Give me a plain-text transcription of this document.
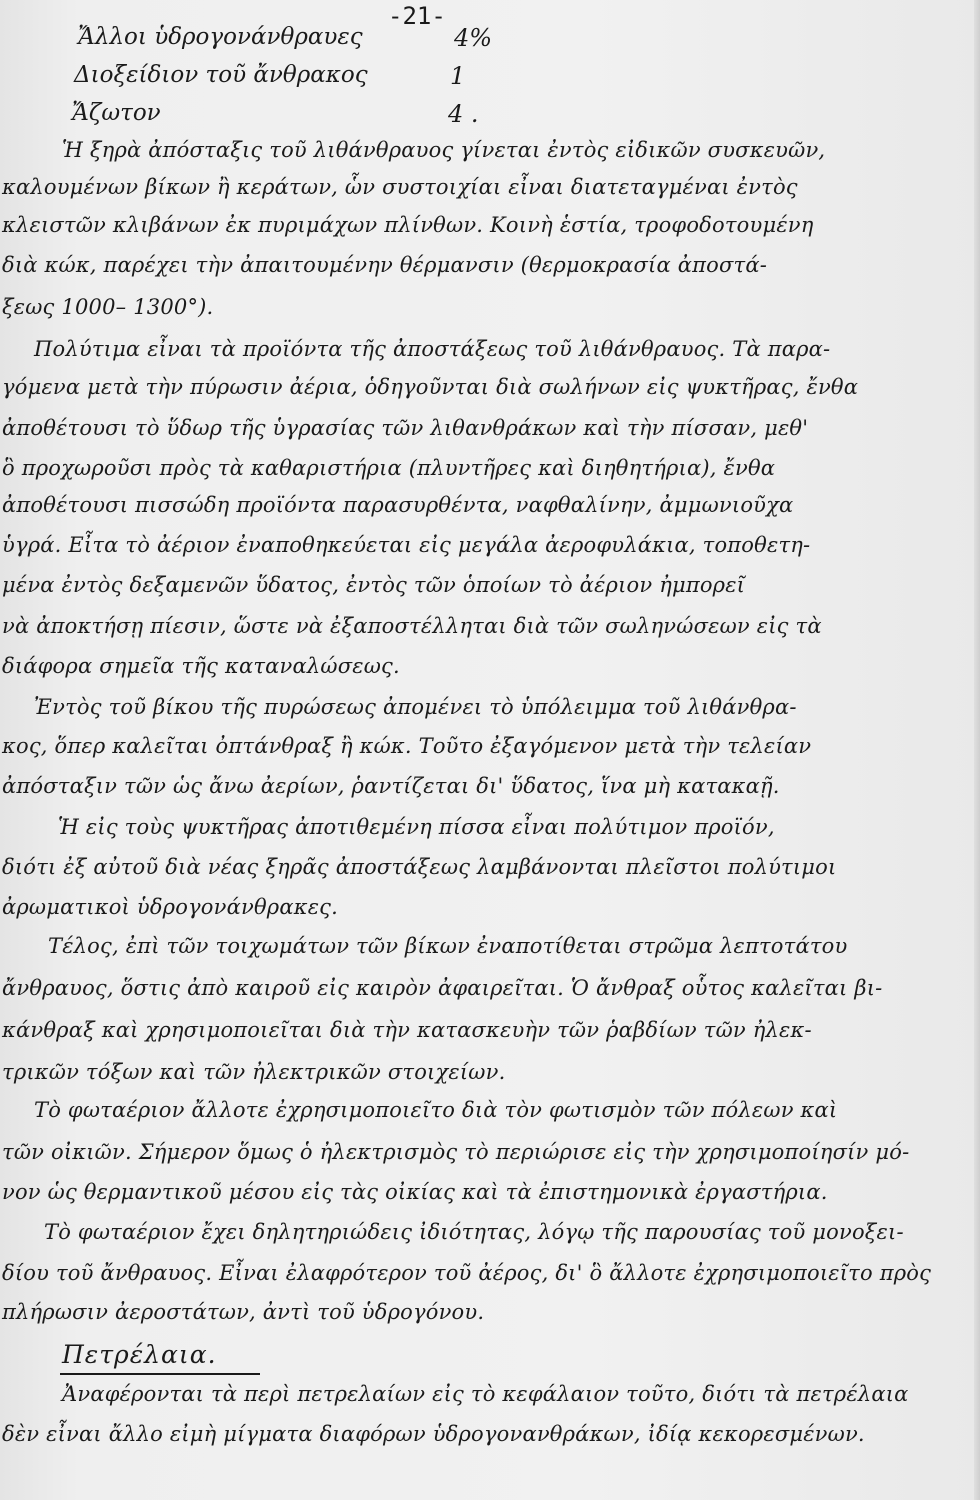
-21-
Ἄλλοι ὑδρογονάνθραυες	4%
Διοξείδιον τοῦ ἄνθρακος	1
Ἄζωτον	4 .
Ἡ ξηρὰ ἀπόσταξις τοῦ λιθάνθραυος γίνεται ἐντὸς εἰδικῶν συσκευῶν,
καλουμένων βίκων ἢ κεράτων, ὧν συστοιχίαι εἶναι διατεταγμέναι ἐντὸς
κλειστῶν κλιβάνων ἐκ πυριμάχων πλίνθων. Κοινὴ ἑστία, τροφοδοτουμένη
διὰ κώκ, παρέχει τὴν ἀπαιτουμένην θέρμανσιν (θερμοκρασία ἀποστά-
ξεως 1000– 1300°).
Πολύτιμα εἶναι τὰ προϊόντα τῆς ἀποστάξεως τοῦ λιθάνθραυος. Τὰ παρα-
γόμενα μετὰ τὴν πύρωσιν ἀέρια, ὁδηγοῦνται διὰ σωλήνων εἰς ψυκτῆρας, ἔνθα
ἀποθέτουσι τὸ ὕδωρ τῆς ὑγρασίας τῶν λιθανθράκων καὶ τὴν πίσσαν, μεθ'
ὃ προχωροῦσι πρὸς τὰ καθαριστήρια (πλυντῆρες καὶ διηθητήρια), ἔνθα
ἀποθέτουσι πισσώδη προϊόντα παρασυρθέντα, ναφθαλίνην, ἀμμωνιοῦχα
ὑγρά. Εἶτα τὸ ἀέριον ἐναποθηκεύεται εἰς μεγάλα ἀεροφυλάκια, τοποθετη-
μένα ἐντὸς δεξαμενῶν ὕδατος, ἐντὸς τῶν ὁποίων τὸ ἀέριον ἠμπορεῖ
νὰ ἀποκτήσῃ πίεσιν, ὥστε νὰ ἐξαποστέλληται διὰ τῶν σωληνώσεων εἰς τὰ
διάφορα σημεῖα τῆς καταναλώσεως.
Ἐντὸς τοῦ βίκου τῆς πυρώσεως ἀπομένει τὸ ὑπόλειμμα τοῦ λιθάνθρα-
κος, ὅπερ καλεῖται ὀπτάνθραξ ἢ κώκ. Τοῦτο ἐξαγόμενον μετὰ τὴν τελείαν
ἀπόσταξιν τῶν ὡς ἄνω ἀερίων, ῥαντίζεται δι' ὕδατος, ἵνα μὴ κατακαῇ.
Ἡ εἰς τοὺς ψυκτῆρας ἀποτιθεμένη πίσσα εἶναι πολύτιμον προϊόν,
διότι ἐξ αὐτοῦ διὰ νέας ξηρᾶς ἀποστάξεως λαμβάνονται πλεῖστοι πολύτιμοι
ἀρωματικοὶ ὑδρογονάνθρακες.
Τέλος, ἐπὶ τῶν τοιχωμάτων τῶν βίκων ἐναποτίθεται στρῶμα λεπτοτάτου
ἄνθραυος, ὅστις ἀπὸ καιροῦ εἰς καιρὸν ἀφαιρεῖται. Ὁ ἄνθραξ οὗτος καλεῖται βι-
κάνθραξ καὶ χρησιμοποιεῖται διὰ τὴν κατασκευὴν τῶν ῥαβδίων τῶν ἠλεκ-
τρικῶν τόξων καὶ τῶν ἠλεκτρικῶν στοιχείων.
Τὸ φωταέριον ἄλλοτε ἐχρησιμοποιεῖτο διὰ τὸν φωτισμὸν τῶν πόλεων καὶ
τῶν οἰκιῶν. Σήμερον ὅμως ὁ ἠλεκτρισμὸς τὸ περιώρισε εἰς τὴν χρησιμοποίησίν μό-
νον ὡς θερμαντικοῦ μέσου εἰς τὰς οἰκίας καὶ τὰ ἐπιστημονικὰ ἐργαστήρια.
Τὸ φωταέριον ἔχει δηλητηριώδεις ἰδιότητας, λόγῳ τῆς παρουσίας τοῦ μονοξει-
δίου τοῦ ἄνθραυος. Εἶναι ἐλαφρότερον τοῦ ἀέρος, δι' ὃ ἄλλοτε ἐχρησιμοποιεῖτο πρὸς
πλήρωσιν ἀεροστάτων, ἀντὶ τοῦ ὑδρογόνου.
Πετρέλαια.
Ἀναφέρονται τὰ περὶ πετρελαίων εἰς τὸ κεφάλαιον τοῦτο, διότι τὰ πετρέλαια
δὲν εἶναι ἄλλο εἰμὴ μίγματα διαφόρων ὑδρογονανθράκων, ἰδίᾳ κεκορεσμένων.
